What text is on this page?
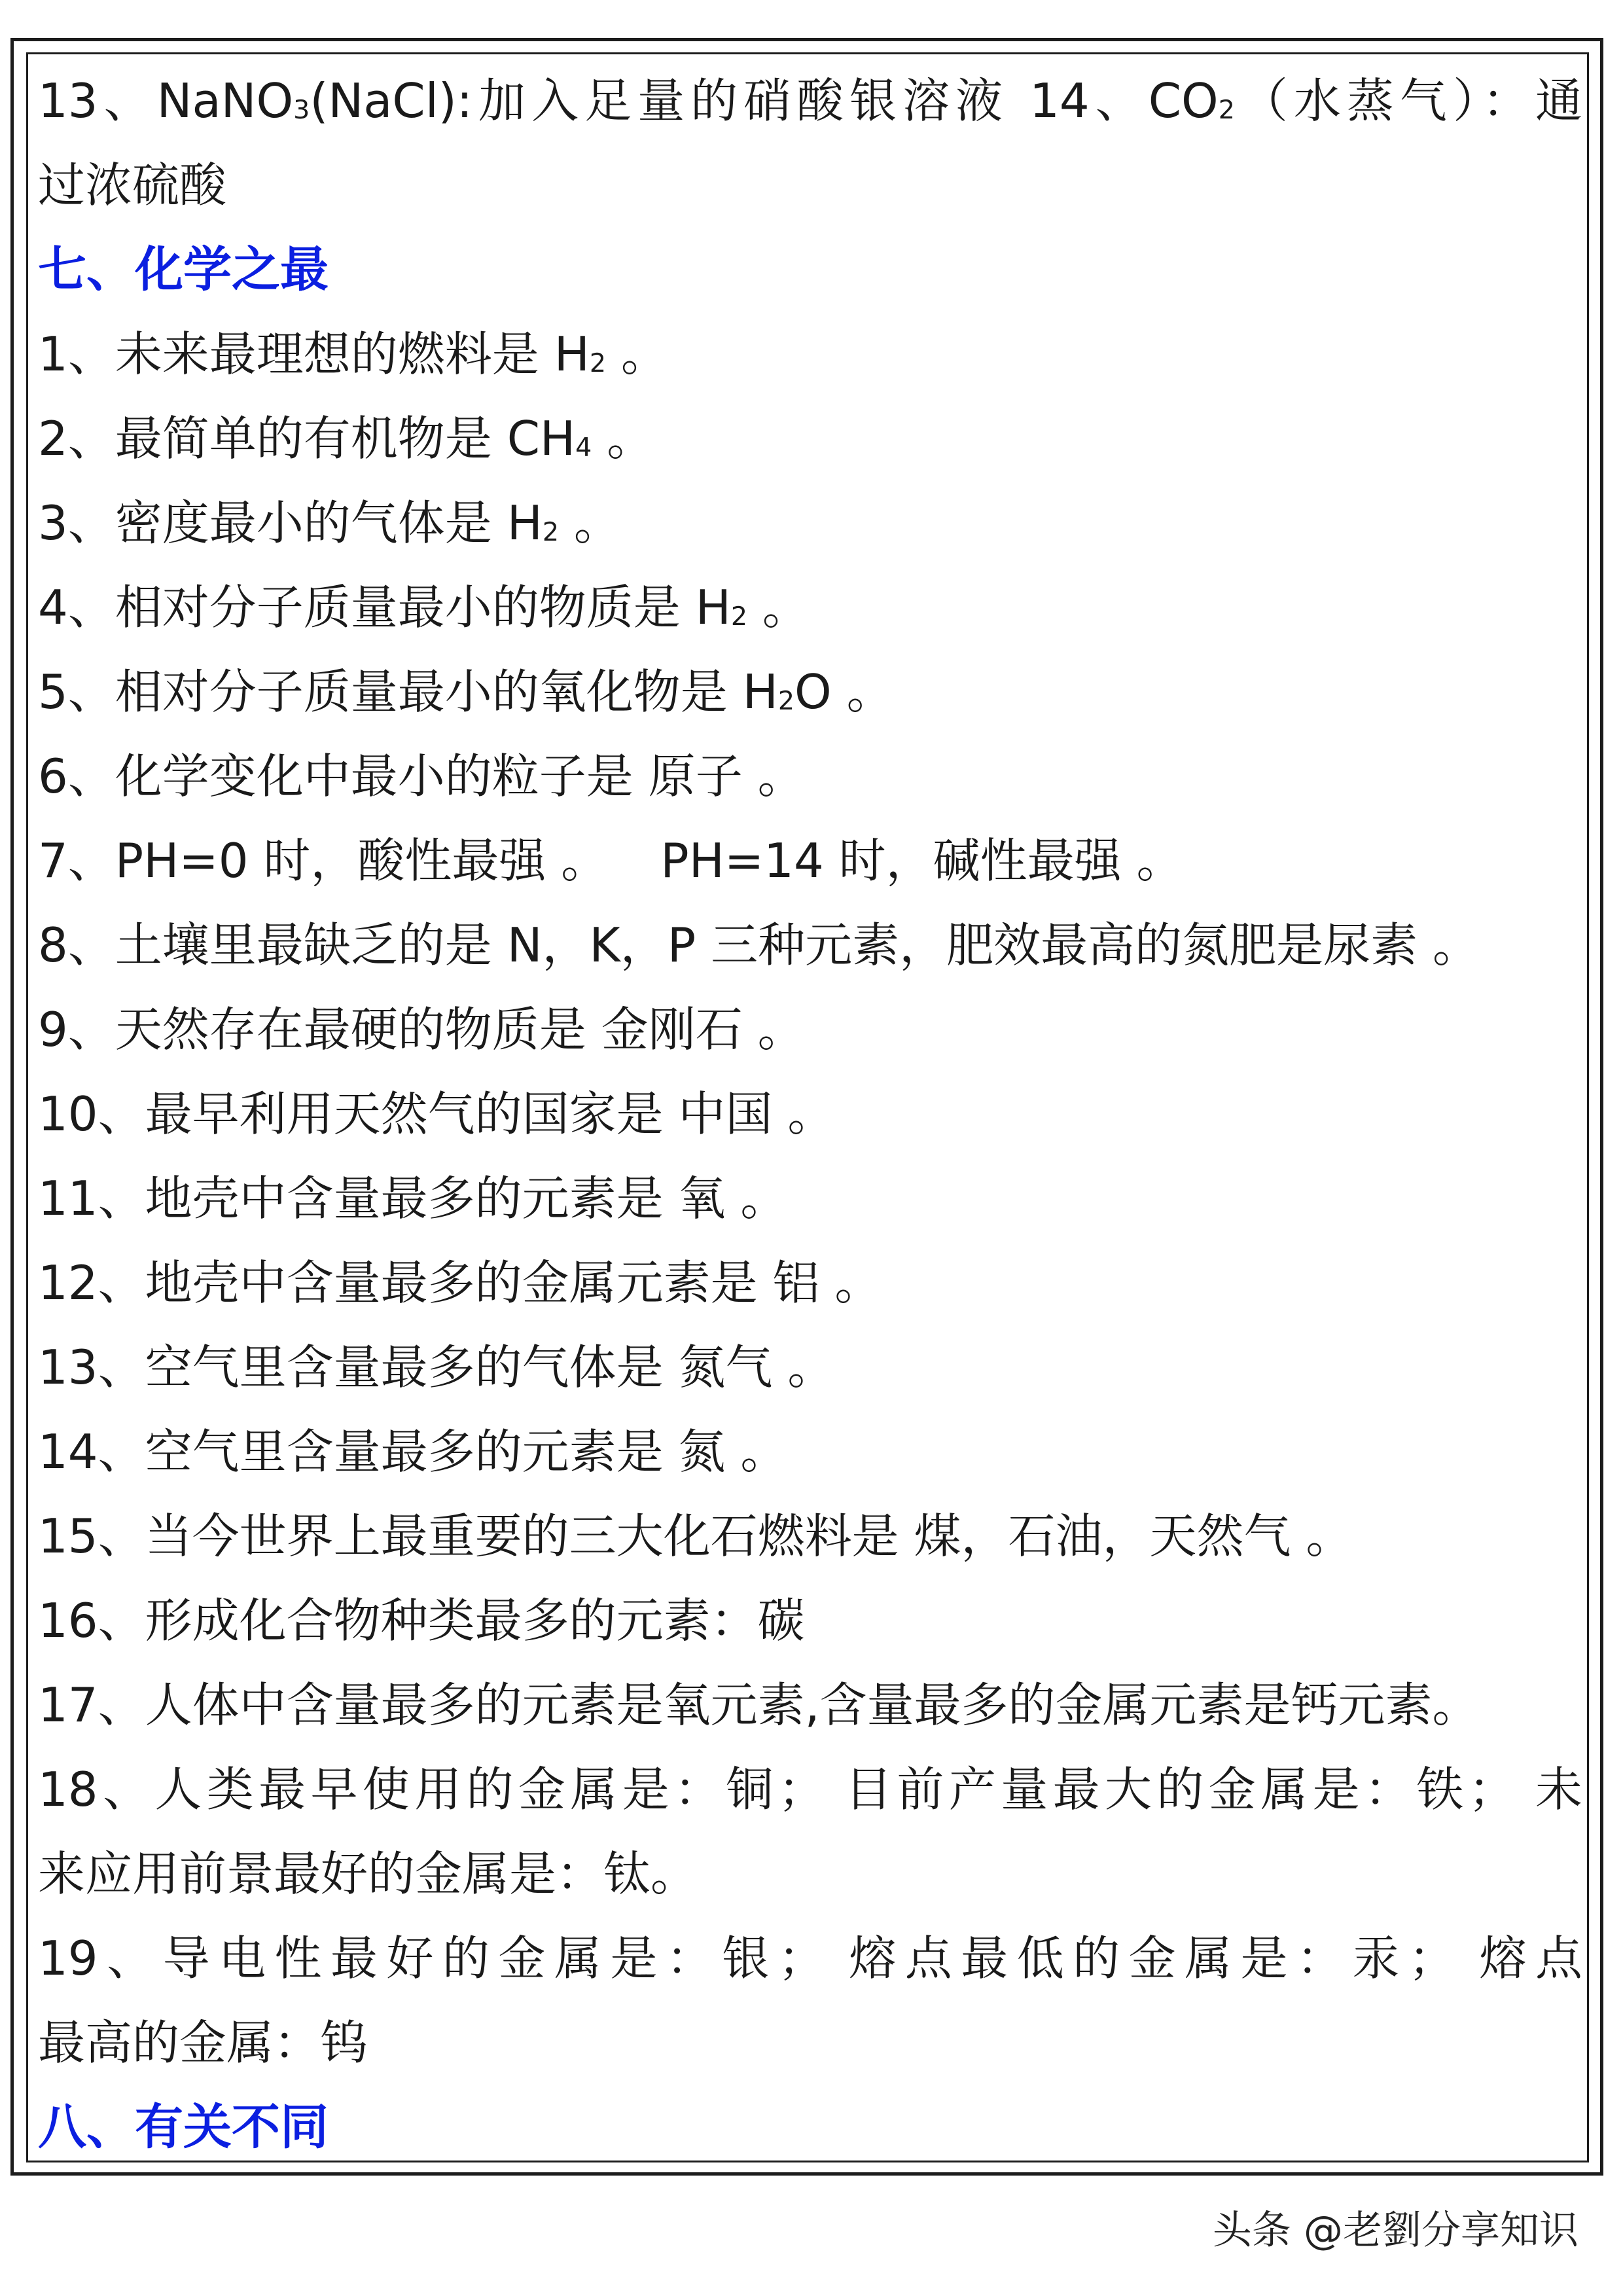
13、NaNO$_3$(NaCl):加入足量的硝酸银溶液 14、$CO_2$（水蒸气）：通
过浓硫酸
七、化学之最
1、未来最理想的燃料是 $H_2$ 。
2、最简单的有机物是 $CH_4$ 。
3、密度最小的气体是 $H_2$ 。
4、相对分子质量最小的物质是 $H_2$ 。
5、相对分子质量最小的氧化物是 $H_2O$ 。
6、化学变化中最小的粒子是 原子 。
7、PH=0 时，酸性最强 。 PH=14 时，碱性最强 。
8、土壤里最缺乏的是 N，K，P 三种元素，肥效最高的氮肥是尿素 。
9、天然存在最硬的物质是 金刚石 。
10、最早利用天然气的国家是 中国 。
11、地壳中含量最多的元素是 氧 。
12、地壳中含量最多的金属元素是 铝 。
13、空气里含量最多的气体是 氮气 。
14、空气里含量最多的元素是 氮 。
15、当今世界上最重要的三大化石燃料是 煤，石油，天然气 。
16、形成化合物种类最多的元素：碳
17、人体中含量最多的元素是氧元素,含量最多的金属元素是钙元素。
18、人类最早使用的金属是：铜； 目前产量最大的金属是：铁； 未
来应用前景最好的金属是：钛。
19、导电性最好的金属是：银； 熔点最低的金属是：汞； 熔点
最高的金属：钨
八、有关不同
头条 @老劉分享知识
